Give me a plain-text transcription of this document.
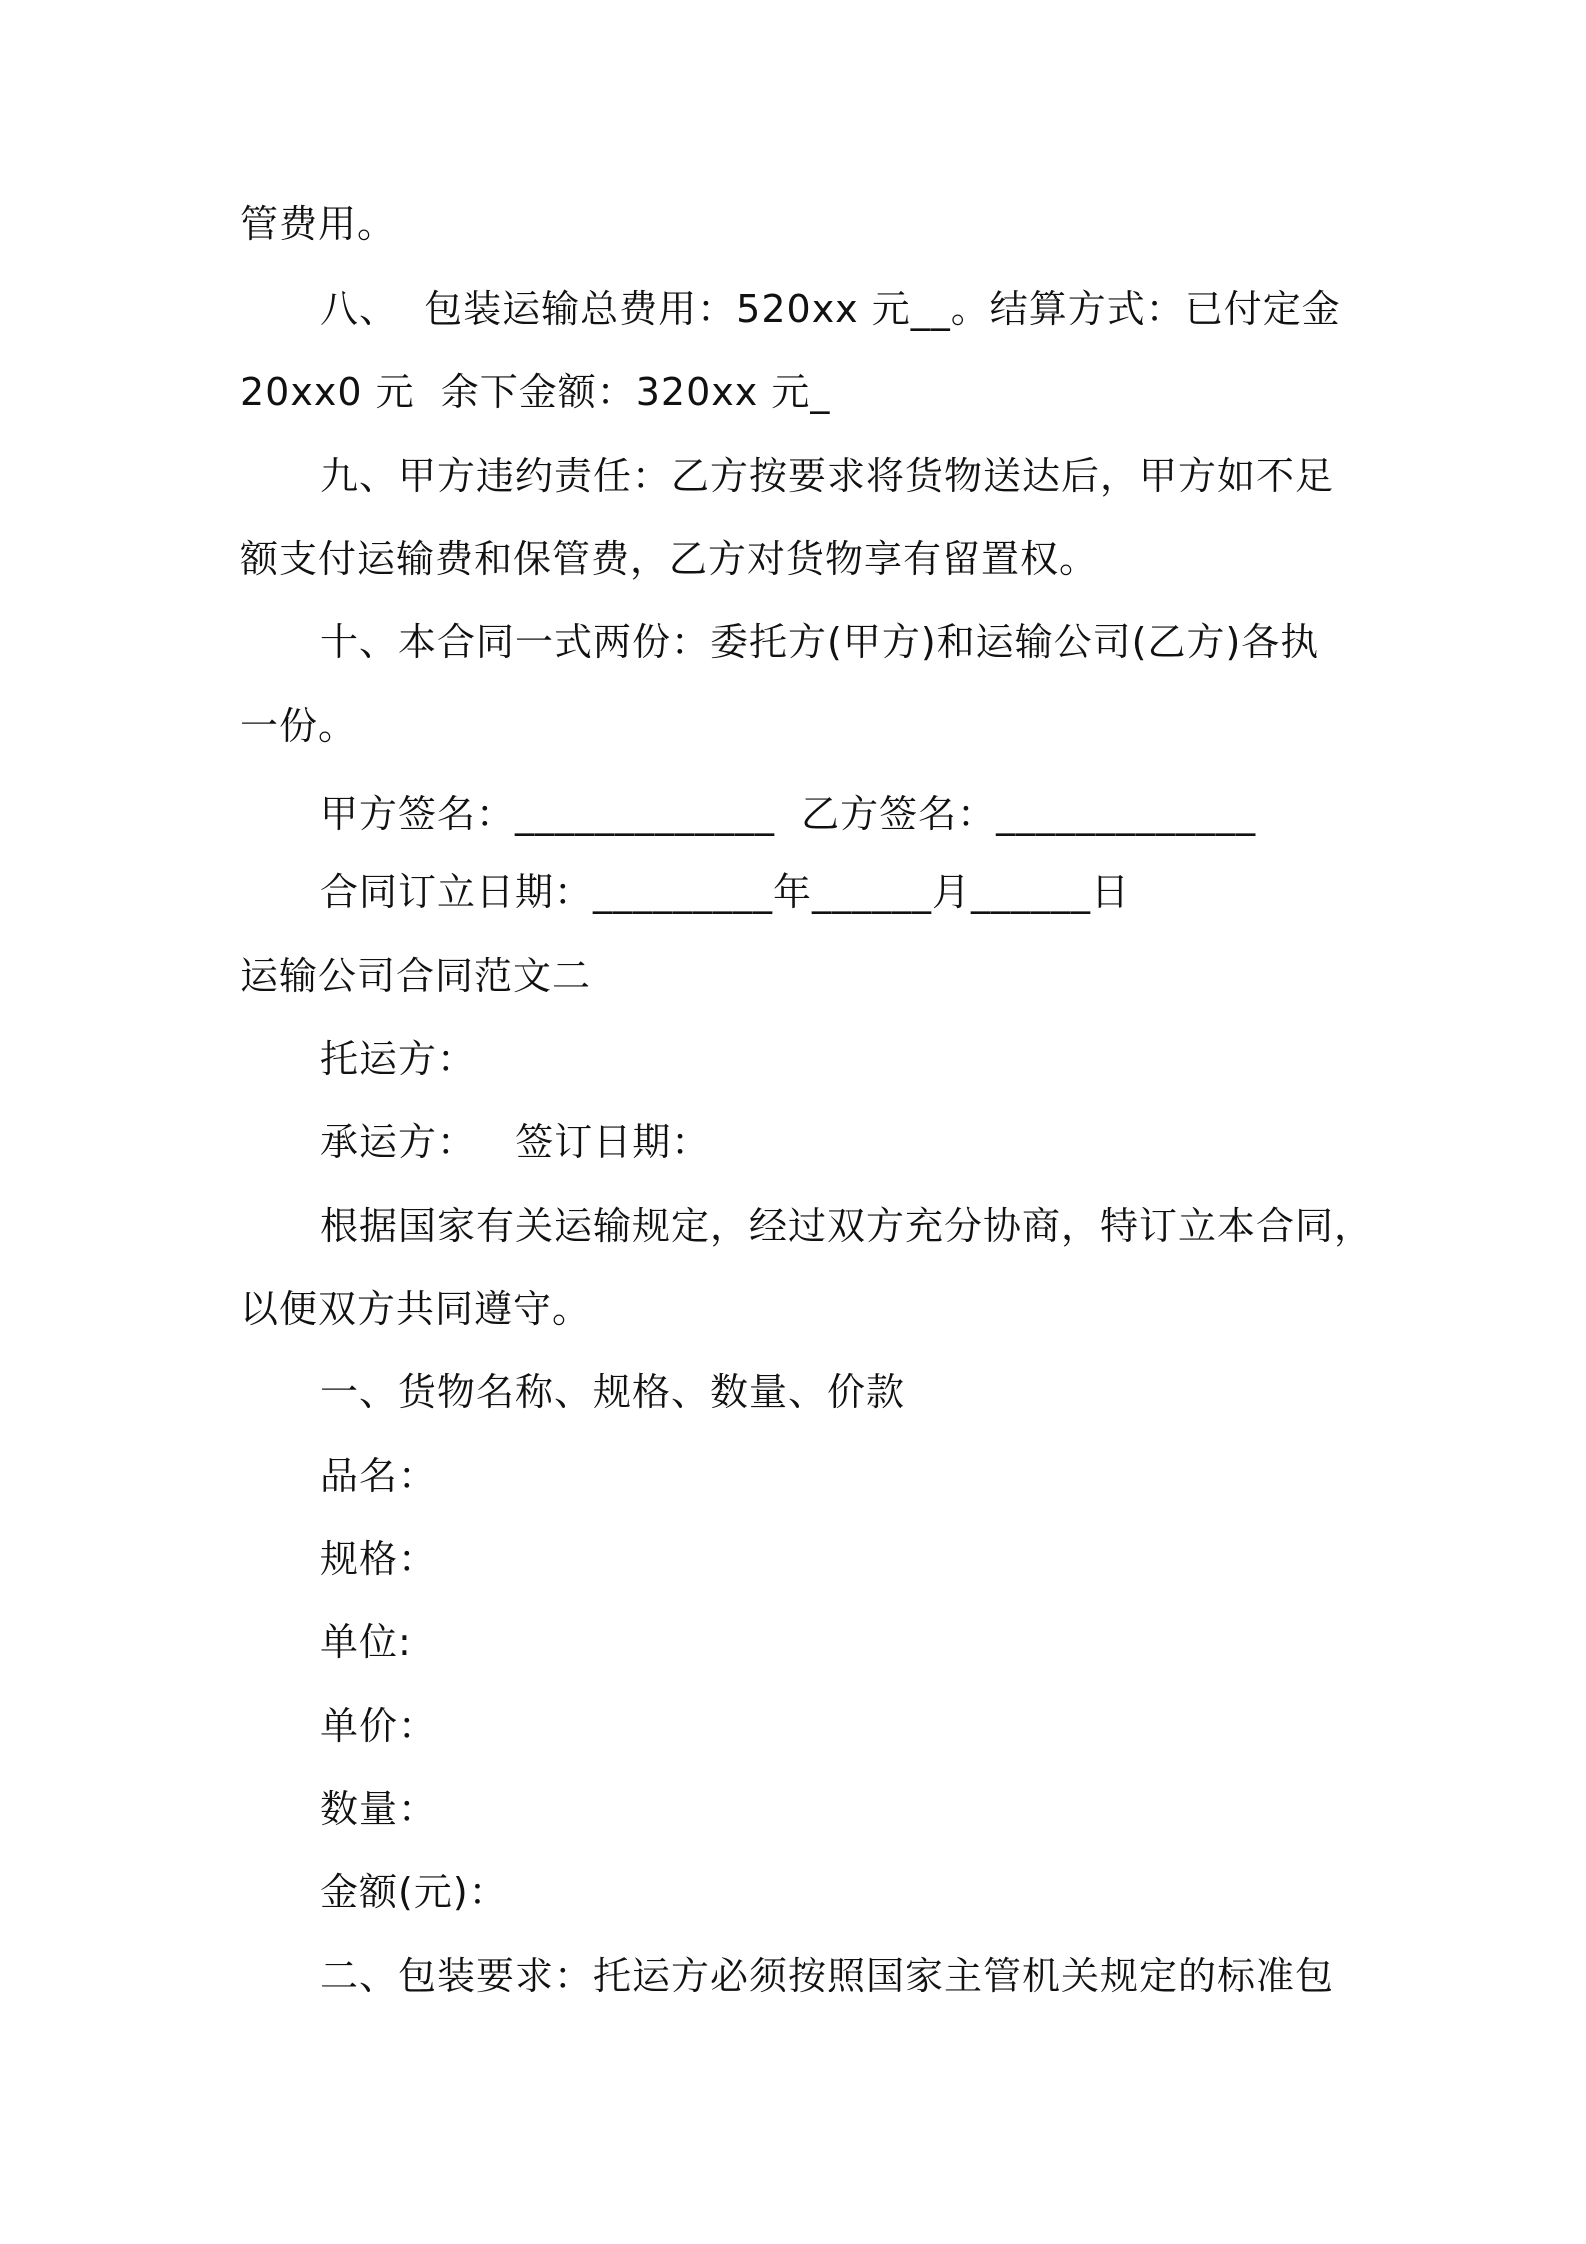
管费用。
八、  包装运输总费用：520xx 元__。结算方式：已付定金
20xx0 元  余下金额：320xx 元_
九、甲方违约责任：乙方按要求将货物送达后，甲方如不足
额支付运输费和保管费，乙方对货物享有留置权。
十、本合同一式两份：委托方(甲方)和运输公司(乙方)各执
一份。
甲方签名：_____________  乙方签名：_____________
合同订立日期：_________年______月______日
运输公司合同范文二
托运方：
承运方：   签订日期：
根据国家有关运输规定，经过双方充分协商，特订立本合同，
以便双方共同遵守。
一、货物名称、规格、数量、价款
品名：
规格：
单位:
单价：
数量：
金额(元)：
二、包装要求：托运方必须按照国家主管机关规定的标准包
